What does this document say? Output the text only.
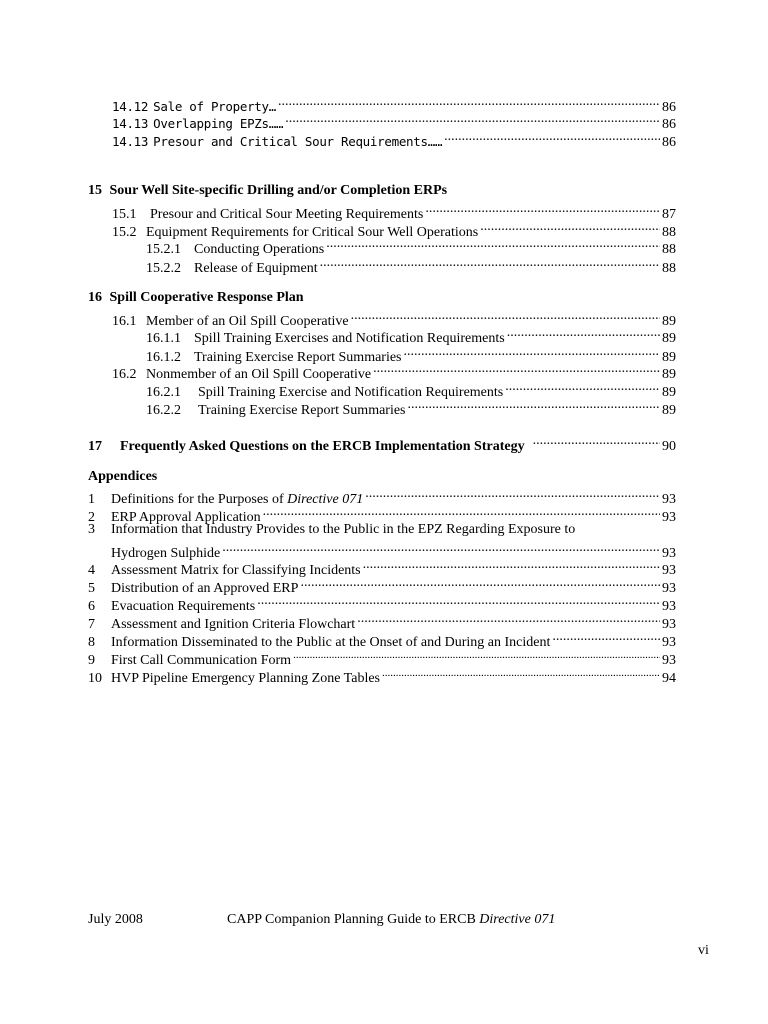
14.12 Sale of Property … .....	86
14.13 Overlapping EPZs …… .....	86
14.13 Presour and Critical Sour Requirements …… .....	86
15 Sour Well Site-specific Drilling and/or Completion ERPs
15.1 Presour and Critical Sour Meeting Requirements .....	87
15.2 Equipment Requirements for Critical Sour Well Operations .....	88
15.2.1 Conducting Operations .....	88
15.2.2 Release of Equipment .....	88
16 Spill Cooperative Response Plan
16.1 Member of an Oil Spill Cooperative .....	89
16.1.1 Spill Training Exercises and Notification Requirements .....	89
16.1.2 Training Exercise Report Summaries .....	89
16.2 Nonmember of an Oil Spill Cooperative .....	89
16.2.1	Spill Training Exercise and Notification Requirements .....	89
16.2.2	Training Exercise Report Summaries .....	89
17	Frequently Asked Questions on the ERCB Implementation Strategy .....	90
Appendices
1	Definitions for the Purposes of Directive 071 .....	93
2	ERP Approval Application .....	93
3 Information that Industry Provides to the Public in the EPZ Regarding Exposure to
Hydrogen Sulphide .....	93
4	Assessment Matrix for Classifying Incidents .....	93
5	Distribution of an Approved ERP .....	93
6	Evacuation Requirements .....	93
7	Assessment and Ignition Criteria Flowchart .....	93
8	Information Disseminated to the Public at the Onset of and During an Incident .....	93
9	First Call Communication Form .....	93
10 HVP Pipeline Emergency Planning Zone Tables .....	94
July 2008	CAPP Companion Planning Guide to ERCB Directive 071
vi
